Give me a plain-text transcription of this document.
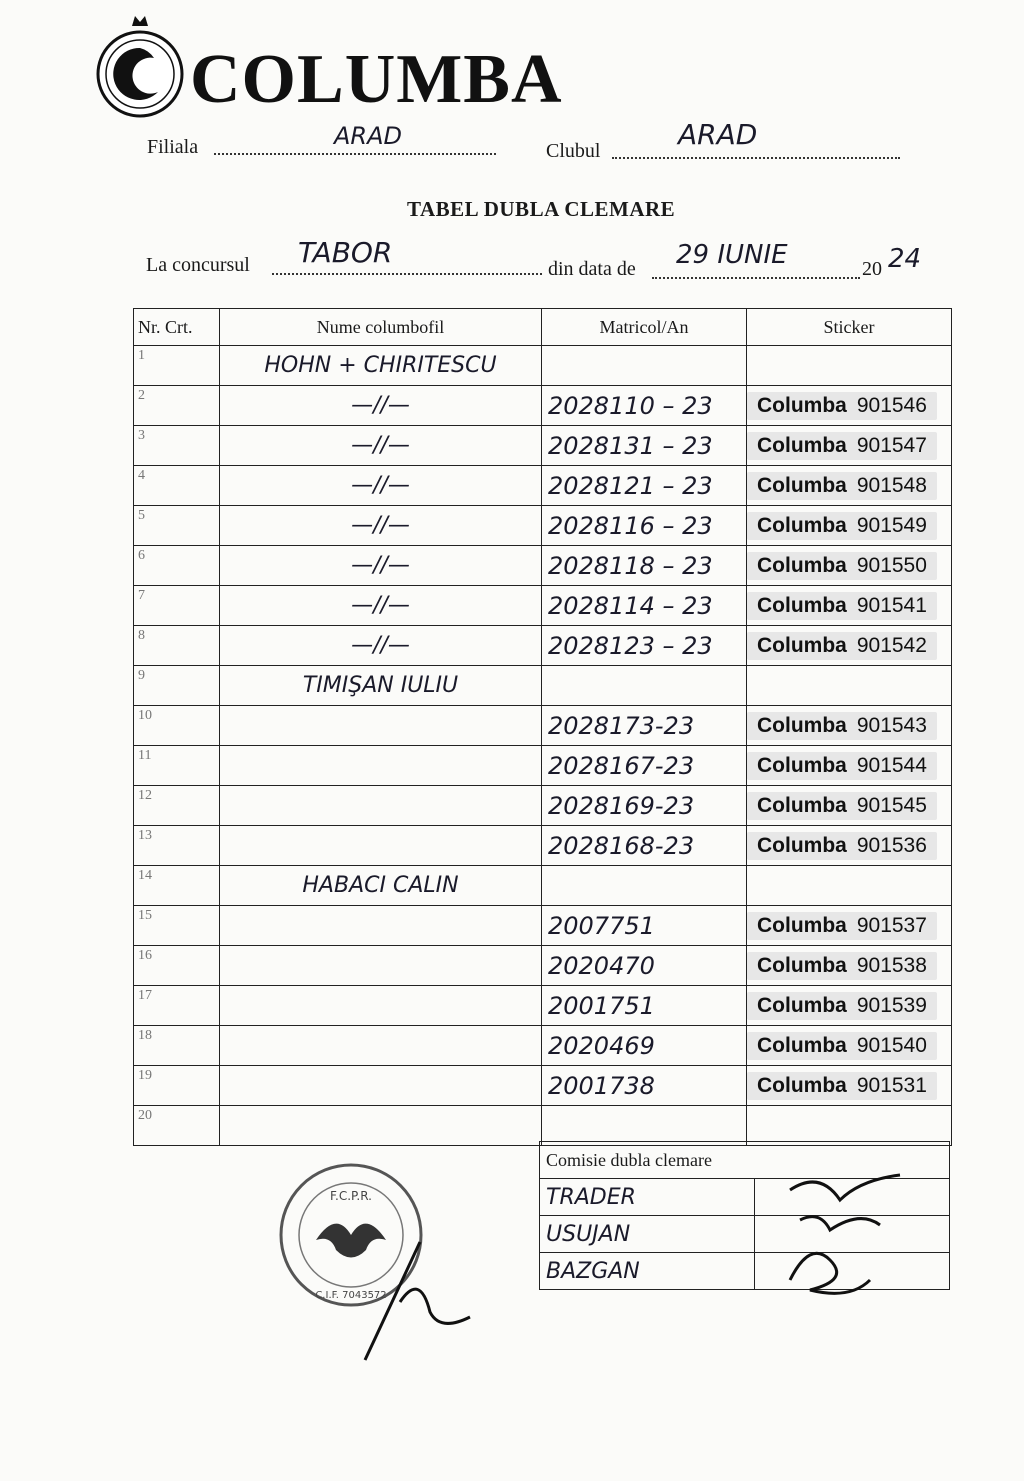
COLUMBA
Filiala	ARAD
Clubul	ARAD
TABEL DUBLA CLEMARE
La concursul TABOR	din data de 29 IUNIE	20 24
Nr. Crt.	Nume columbofil	Matricol/An	Sticker
1	HOHN + CHIRITESCU		
2	—//—	2028110 – 23	Columba 901546
3	—//—	2028131 – 23	Columba 901547
4	—//—	2028121 – 23	Columba 901548
5	—//—	2028116 – 23	Columba 901549
6	—//—	2028118 – 23	Columba 901550
7	—//—	2028114 – 23	Columba 901541
8	—//—	2028123 – 23	Columba 901542
9	TIMIŞAN IULIU		
10		2028173-23	Columba 901543
11		2028167-23	Columba 901544
12		2028169-23	Columba 901545
13		2028168-23	Columba 901536
14	HABACI CALIN		
15		2007751	Columba 901537
16		2020470	Columba 901538
17		2001751	Columba 901539
18		2020469	Columba 901540
19		2001738	Columba 901531
20			
F.C.P.R.
C.I.F. 7043572
Comisie dubla clemare	
TRADER	
USUJAN	
BAZGAN	
